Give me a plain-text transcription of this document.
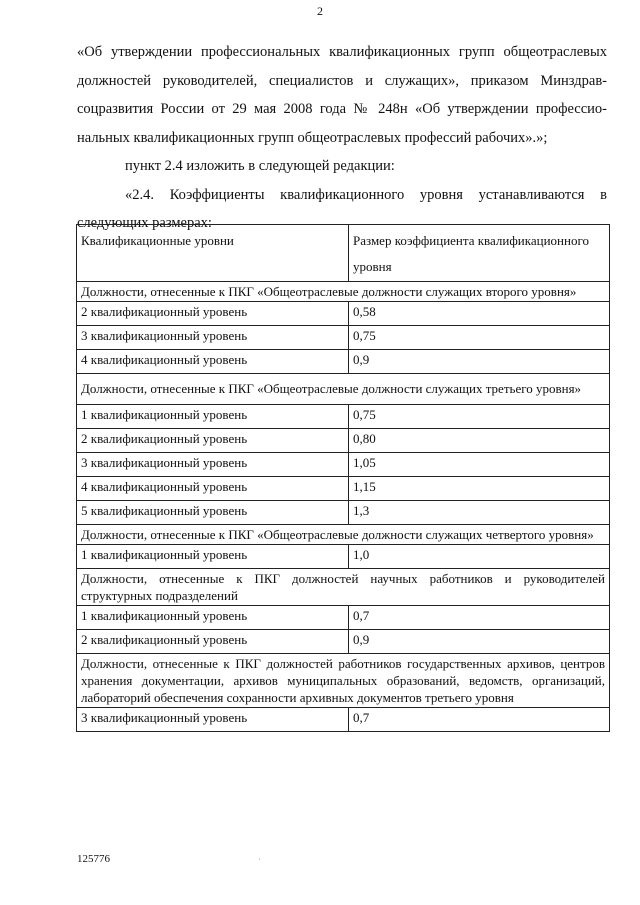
2

«Об утверждении профессиональных квалификационных групп общеотраслевых
должностей руководителей, специалистов и служащих», приказом Минздрав-
соцразвития России от 29 мая 2008 года № 248н «Об утверждении профессио-
нальных квалификационных групп общеотраслевых профессий рабочих».»;

пункт 2.4 изложить в следующей редакции:

«2.4. Коэффициенты квалификационного уровня устанавливаются в следующих размерах:

Квалификационные уровни	Размер коэффициента квалификационного уровня
Должности, отнесенные к ПКГ «Общеотраслевые должности служащих второго уровня»	
2 квалификационный уровень	0,58
3 квалификационный уровень	0,75
4 квалификационный уровень	0,9
Должности, отнесенные к ПКГ «Общеотраслевые должности служащих третьего уровня»	
1 квалификационный уровень	0,75
2 квалификационный уровень	0,80
3 квалификационный уровень	1,05
4 квалификационный уровень	1,15
5 квалификационный уровень	1,3
Должности, отнесенные к ПКГ «Общеотраслевые должности служащих четвертого уровня»	
1 квалификационный уровень	1,0
Должности, отнесенные к ПКГ должностей научных работников и руководителей структурных подразделений	
1 квалификационный уровень	0,7
2 квалификационный уровень	0,9
Должности, отнесенные к ПКГ должностей работников государственных архивов, центров хранения документации, архивов муниципальных образований, ведомств, организаций, лабораторий обеспечения сохранности архивных документов третьего уровня	
3 квалификационный уровень	0,7
125776	·
